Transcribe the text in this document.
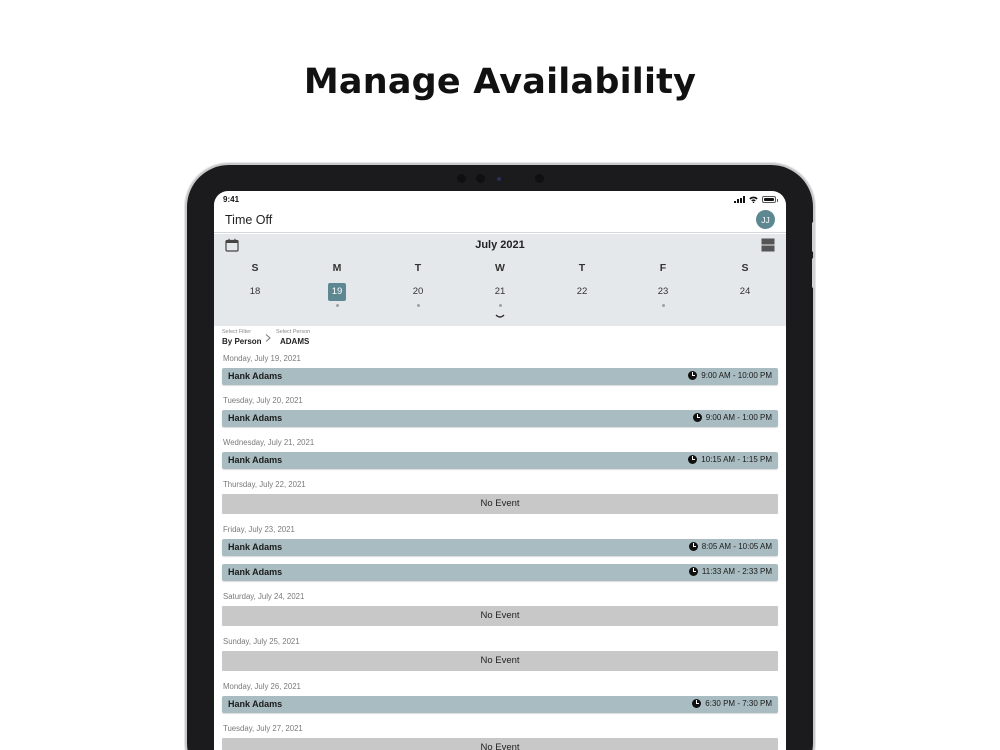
Manage Availability
9:41
Time Off	JJ
July 2021
S	M	T	W	T	F	S
18	19	20	21	22	23	24
Select Filter
By Person
Select Person
ADAMS
Monday, July 19, 2021
Hank Adams	9:00 AM - 10:00 PM
Tuesday, July 20, 2021
Hank Adams	9:00 AM - 1:00 PM
Wednesday, July 21, 2021
Hank Adams	10:15 AM - 1:15 PM
Thursday, July 22, 2021
No Event
Friday, July 23, 2021
Hank Adams	8:05 AM - 10:05 AM
Hank Adams	11:33 AM - 2:33 PM
Saturday, July 24, 2021
No Event
Sunday, July 25, 2021
No Event
Monday, July 26, 2021
Hank Adams	6:30 PM - 7:30 PM
Tuesday, July 27, 2021
No Event
